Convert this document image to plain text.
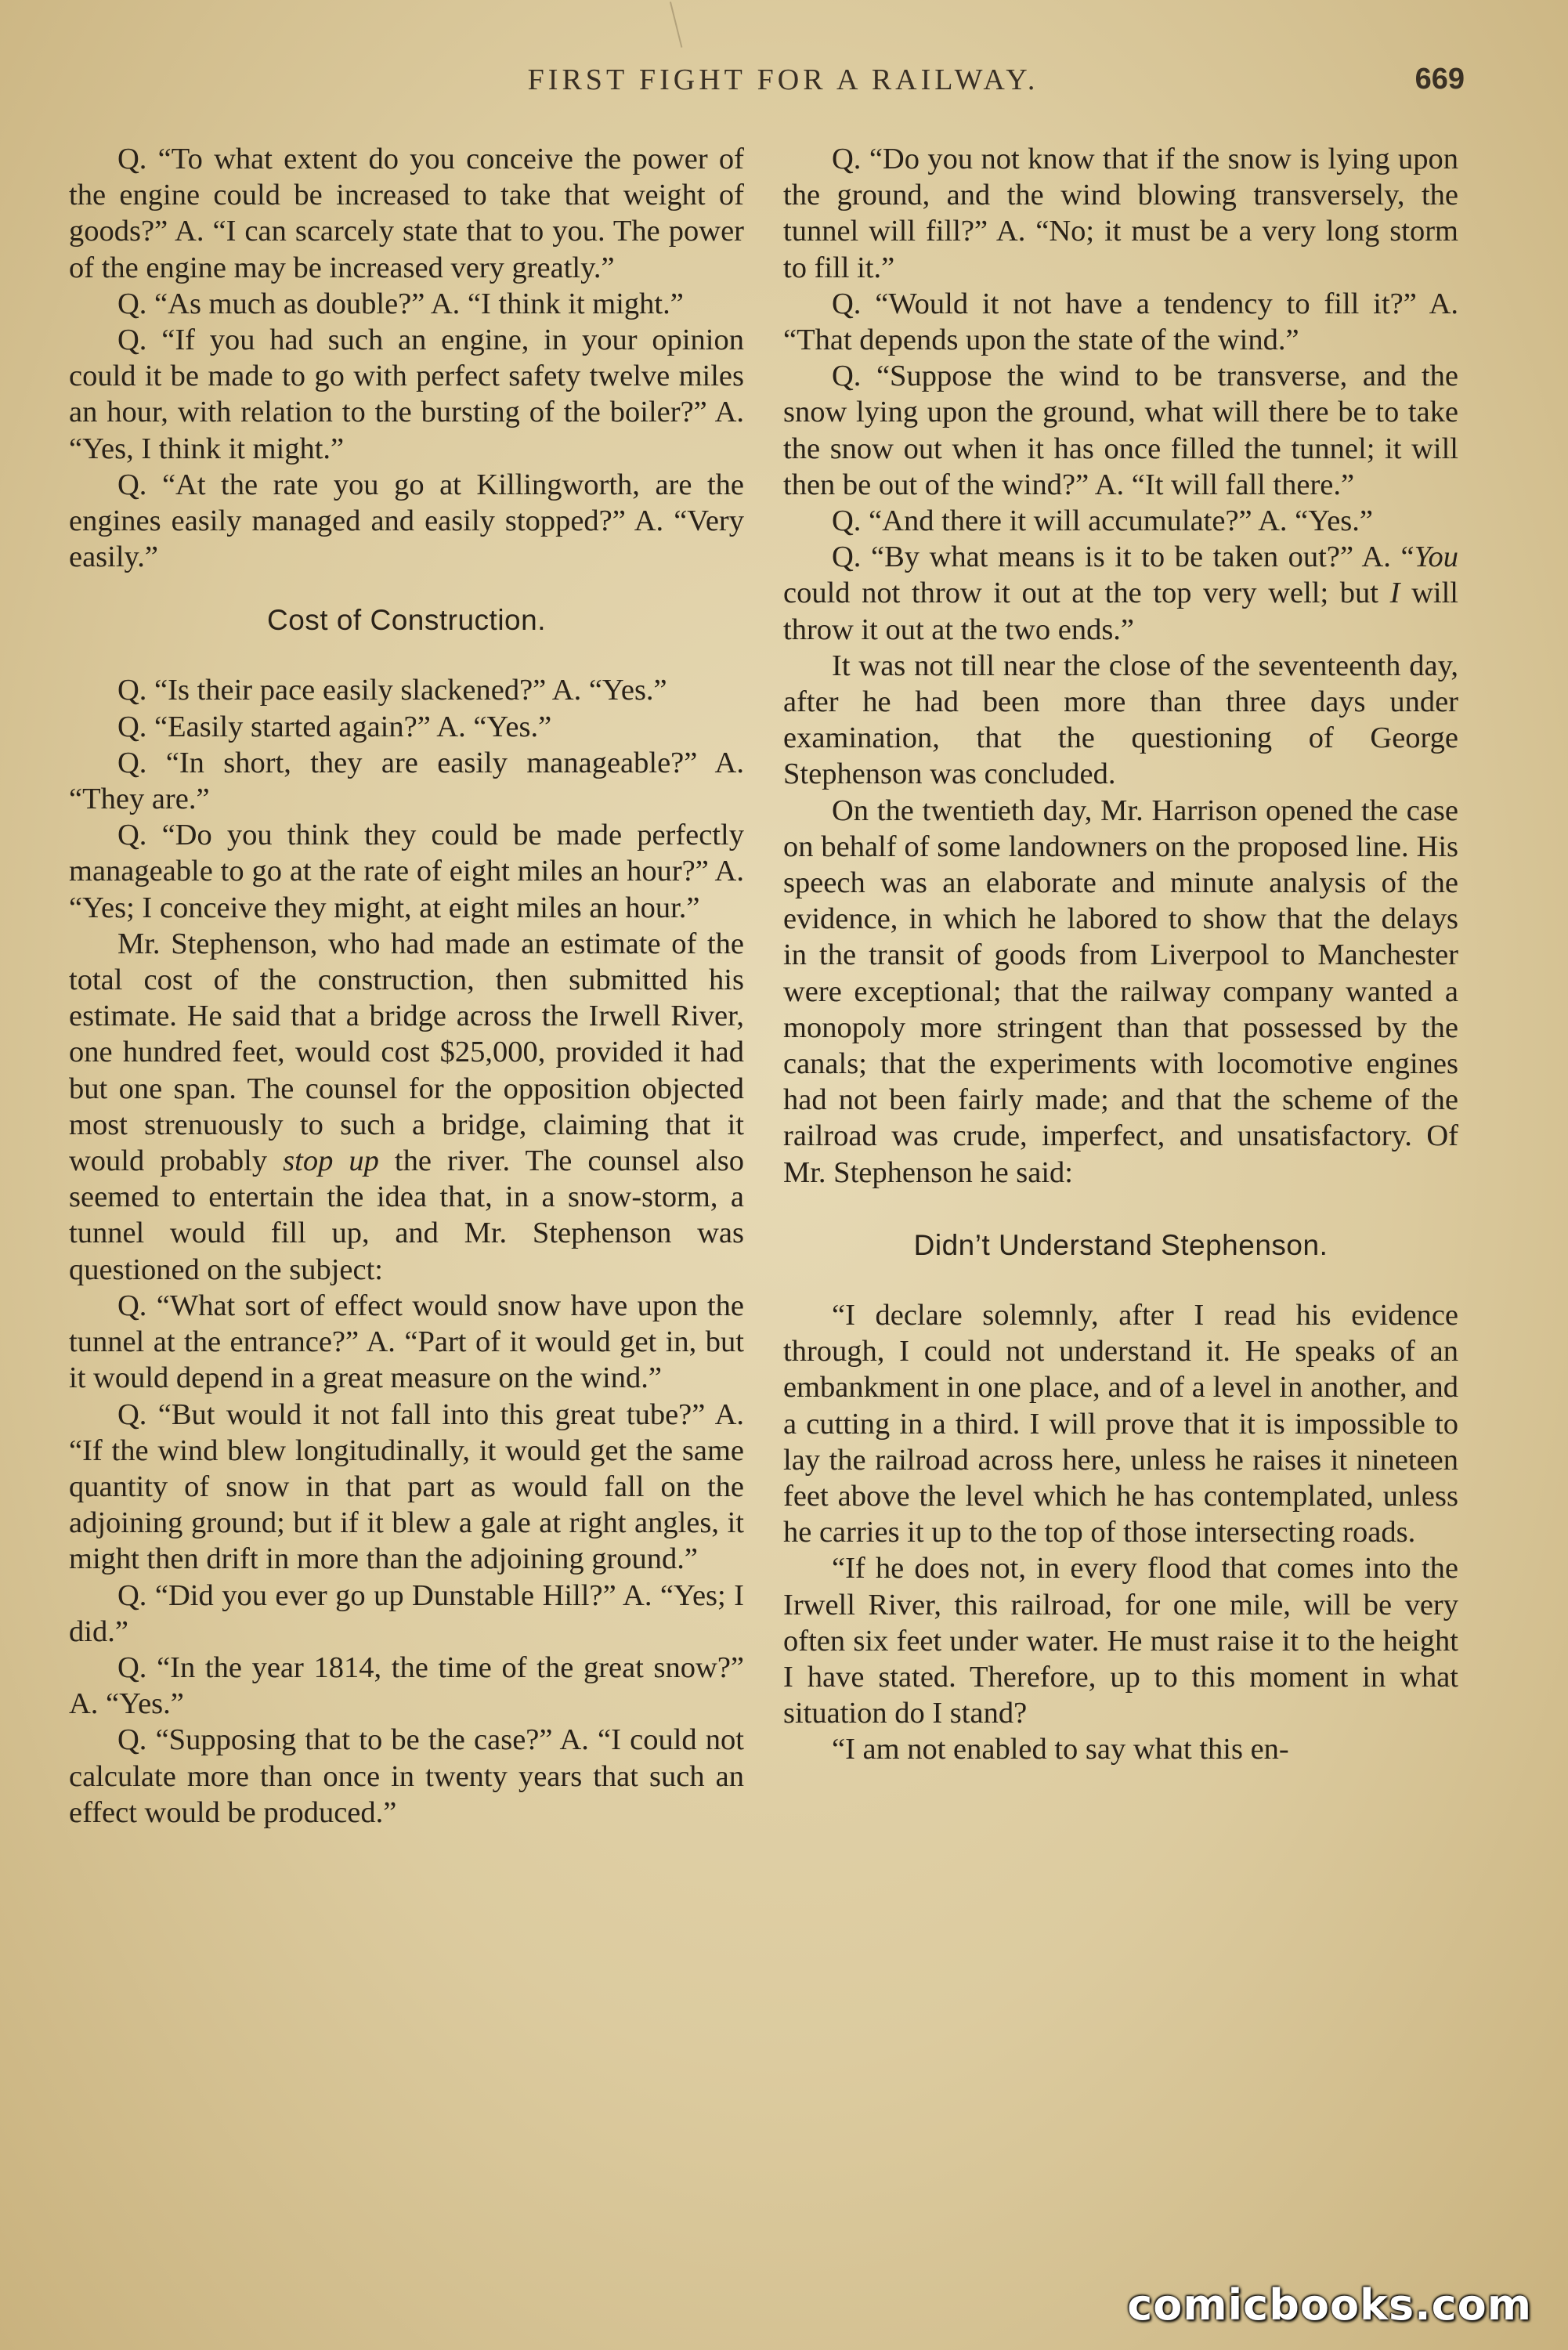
FIRST FIGHT FOR A RAILWAY.	669

Q. “To what extent do you conceive the power of the engine could be increased to take that weight of goods?” A. “I can scarcely state that to you. The power of the engine may be increased very greatly.”

Q. “As much as double?” A. “I think it might.”

Q. “If you had such an engine, in your opinion could it be made to go with perfect safety twelve miles an hour, with relation to the bursting of the boiler?” A. “Yes, I think it might.”

Q. “At the rate you go at Killingworth, are the engines easily managed and easily stopped?” A. “Very easily.”

Cost of Construction.

Q. “Is their pace easily slackened?” A. “Yes.”

Q. “Easily started again?” A. “Yes.”

Q. “In short, they are easily manageable?” A. “They are.”

Q. “Do you think they could be made perfectly manageable to go at the rate of eight miles an hour?” A. “Yes; I conceive they might, at eight miles an hour.”

Mr. Stephenson, who had made an estimate of the total cost of the construction, then submitted his estimate. He said that a bridge across the Irwell River, one hundred feet, would cost $25,000, provided it had but one span. The counsel for the opposition objected most strenuously to such a bridge, claiming that it would probably stop up the river. The counsel also seemed to entertain the idea that, in a snow-storm, a tunnel would fill up, and Mr. Stephenson was questioned on the subject:

Q. “What sort of effect would snow have upon the tunnel at the entrance?” A. “Part of it would get in, but it would depend in a great measure on the wind.”

Q. “But would it not fall into this great tube?” A. “If the wind blew longitudinally, it would get the same quantity of snow in that part as would fall on the adjoining ground; but if it blew a gale at right angles, it might then drift in more than the adjoining ground.”

Q. “Did you ever go up Dunstable Hill?” A. “Yes; I did.”

Q. “In the year 1814, the time of the great snow?” A. “Yes.”

Q. “Supposing that to be the case?” A. “I could not calculate more than once in twenty years that such an effect would be produced.”

Q. “Do you not know that if the snow is lying upon the ground, and the wind blowing transversely, the tunnel will fill?” A. “No; it must be a very long storm to fill it.”

Q. “Would it not have a tendency to fill it?” A. “That depends upon the state of the wind.”

Q. “Suppose the wind to be transverse, and the snow lying upon the ground, what will there be to take the snow out when it has once filled the tunnel; it will then be out of the wind?” A. “It will fall there.”

Q. “And there it will accumulate?” A. “Yes.”

Q. “By what means is it to be taken out?” A. “You could not throw it out at the top very well; but I will throw it out at the two ends.”

It was not till near the close of the seventeenth day, after he had been more than three days under examination, that the questioning of George Stephenson was concluded.

On the twentieth day, Mr. Harrison opened the case on behalf of some landowners on the proposed line. His speech was an elaborate and minute analysis of the evidence, in which he labored to show that the delays in the transit of goods from Liverpool to Manchester were exceptional; that the railway company wanted a monopoly more stringent than that possessed by the canals; that the experiments with locomotive engines had not been fairly made; and that the scheme of the railroad was crude, imperfect, and unsatisfactory. Of Mr. Stephenson he said:

Didn’t Understand Stephenson.

“I declare solemnly, after I read his evidence through, I could not understand it. He speaks of an embankment in one place, and of a level in another, and a cutting in a third. I will prove that it is impossible to lay the railroad across here, unless he raises it nineteen feet above the level which he has contemplated, unless he carries it up to the top of those intersecting roads.

“If he does not, in every flood that comes into the Irwell River, this railroad, for one mile, will be very often six feet under water. He must raise it to the height I have stated. Therefore, up to this moment in what situation do I stand?

“I am not enabled to say what this en-

comicbooks.com
